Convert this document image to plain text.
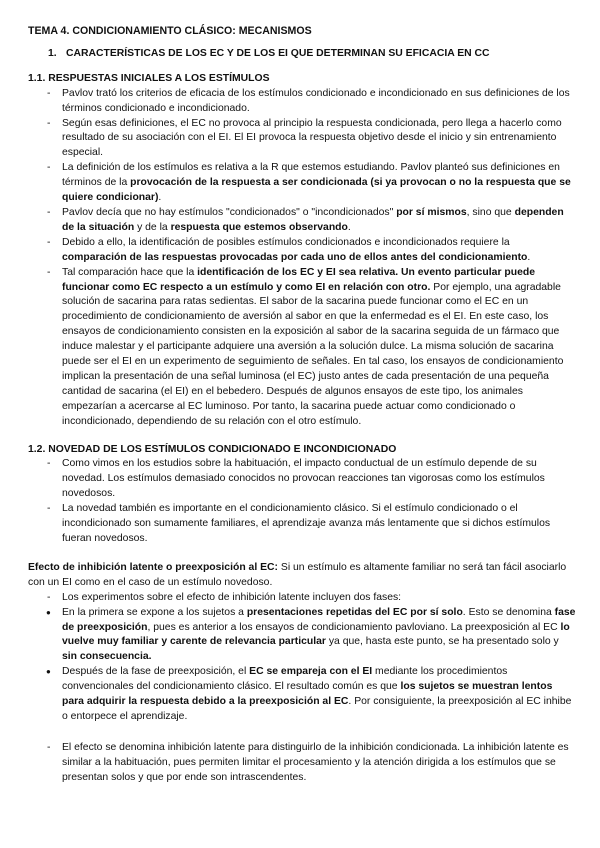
TEMA 4. CONDICIONAMIENTO CLÁSICO: MECANISMOS
1. CARACTERÍSTICAS DE LOS EC Y DE LOS EI QUE DETERMINAN SU EFICACIA EN CC
1.1. RESPUESTAS INICIALES A LOS ESTÍMULOS
- Pavlov trató los criterios de eficacia de los estímulos condicionado e incondicionado en sus definiciones de los términos condicionado e incondicionado.
- Según esas definiciones, el EC no provoca al principio la respuesta condicionada, pero llega a hacerlo como resultado de su asociación con el EI. El EI provoca la respuesta objetivo desde el inicio y sin entrenamiento especial.
- La definición de los estímulos es relativa a la R que estemos estudiando. Pavlov planteó sus definiciones en términos de la provocación de la respuesta a ser condicionada (si ya provocan o no la respuesta que se quiere condicionar).
- Pavlov decía que no hay estímulos "condicionados" o "incondicionados" por sí mismos, sino que dependen de la situación y de la respuesta que estemos observando.
- Debido a ello, la identificación de posibles estímulos condicionados e incondicionados requiere la comparación de las respuestas provocadas por cada uno de ellos antes del condicionamiento.
- Tal comparación hace que la identificación de los EC y EI sea relativa. Un evento particular puede funcionar como EC respecto a un estímulo y como EI en relación con otro. Por ejemplo, una agradable solución de sacarina para ratas sedientas. El sabor de la sacarina puede funcionar como el EC en un procedimiento de condicionamiento de aversión al sabor en que la enfermedad es el EI. En este caso, los ensayos de condicionamiento consisten en la exposición al sabor de la sacarina seguida de un fármaco que induce malestar y el participante adquiere una aversión a la solución dulce. La misma solución de sacarina puede ser el EI en un experimento de seguimiento de señales. En tal caso, los ensayos de condicionamiento implican la presentación de una señal luminosa (el EC) justo antes de cada presentación de una pequeña cantidad de sacarina (el EI) en el bebedero. Después de algunos ensayos de este tipo, los animales empezarían a acercarse al EC luminoso. Por tanto, la sacarina puede actuar como condicionado o incondicionado, dependiendo de su relación con el otro estímulo.
1.2. NOVEDAD DE LOS ESTÍMULOS CONDICIONADO E INCONDICIONADO
- Como vimos en los estudios sobre la habituación, el impacto conductual de un estímulo depende de su novedad. Los estímulos demasiado conocidos no provocan reacciones tan vigorosas como los estímulos novedosos.
- La novedad también es importante en el condicionamiento clásico. Si el estímulo condicionado o el incondicionado son sumamente familiares, el aprendizaje avanza más lentamente que si dichos estímulos fueran novedosos.
Efecto de inhibición latente o preexposición al EC: Si un estímulo es altamente familiar no será tan fácil asociarlo con un EI como en el caso de un estímulo novedoso.
- Los experimentos sobre el efecto de inhibición latente incluyen dos fases:
● En la primera se expone a los sujetos a presentaciones repetidas del EC por sí solo. Esto se denomina fase de preexposición, pues es anterior a los ensayos de condicionamiento pavloviano. La preexposición al EC lo vuelve muy familiar y carente de relevancia particular ya que, hasta este punto, se ha presentado solo y sin consecuencia.
● Después de la fase de preexposición, el EC se empareja con el EI mediante los procedimientos convencionales del condicionamiento clásico. El resultado común es que los sujetos se muestran lentos para adquirir la respuesta debido a la preexposición al EC. Por consiguiente, la preexposición al EC inhibe o entorpece el aprendizaje.
- El efecto se denomina inhibición latente para distinguirlo de la inhibición condicionada. La inhibición latente es similar a la habituación, pues permiten limitar el procesamiento y la atención dirigida a los estímulos que se presentan solos y que por ende son intrascendentes.
